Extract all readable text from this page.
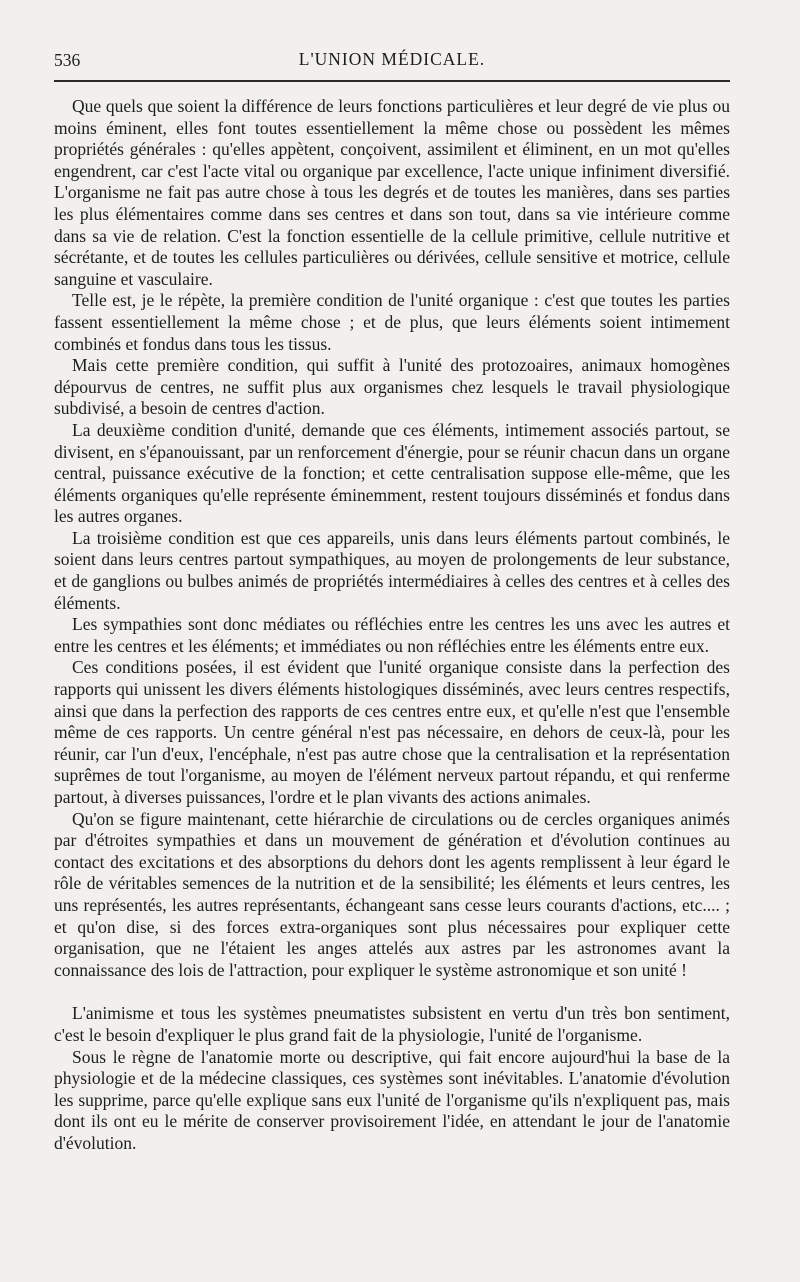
536	L'UNION MÉDICALE.

Que quels que soient la différence de leurs fonctions particulières et leur degré de vie plus ou moins éminent, elles font toutes essentiellement la même chose ou possèdent les mêmes propriétés générales : qu'elles appètent, conçoivent, assimilent et éliminent, en un mot qu'elles engendrent, car c'est l'acte vital ou organique par excellence, l'acte unique infiniment diversifié. L'organisme ne fait pas autre chose à tous les degrés et de toutes les manières, dans ses parties les plus élémentaires comme dans ses centres et dans son tout, dans sa vie intérieure comme dans sa vie de relation. C'est la fonction essentielle de la cellule primitive, cellule nutritive et sécrétante, et de toutes les cellules particulières ou dérivées, cellule sensitive et motrice, cellule sanguine et vasculaire.

Telle est, je le répète, la première condition de l'unité organique : c'est que toutes les parties fassent essentiellement la même chose ; et de plus, que leurs éléments soient intimement combinés et fondus dans tous les tissus.

Mais cette première condition, qui suffit à l'unité des protozoaires, animaux homogènes dépourvus de centres, ne suffit plus aux organismes chez lesquels le travail physiologique subdivisé, a besoin de centres d'action.

La deuxième condition d'unité, demande que ces éléments, intimement associés partout, se divisent, en s'épanouissant, par un renforcement d'énergie, pour se réunir chacun dans un organe central, puissance exécutive de la fonction; et cette centralisation suppose elle-même, que les éléments organiques qu'elle représente éminemment, restent toujours disséminés et fondus dans les autres organes.

La troisième condition est que ces appareils, unis dans leurs éléments partout combinés, le soient dans leurs centres partout sympathiques, au moyen de prolongements de leur substance, et de ganglions ou bulbes animés de propriétés intermédiaires à celles des centres et à celles des éléments.

Les sympathies sont donc médiates ou réfléchies entre les centres les uns avec les autres et entre les centres et les éléments; et immédiates ou non réfléchies entre les éléments entre eux.

Ces conditions posées, il est évident que l'unité organique consiste dans la perfection des rapports qui unissent les divers éléments histologiques disséminés, avec leurs centres respectifs, ainsi que dans la perfection des rapports de ces centres entre eux, et qu'elle n'est que l'ensemble même de ces rapports. Un centre général n'est pas nécessaire, en dehors de ceux-là, pour les réunir, car l'un d'eux, l'encéphale, n'est pas autre chose que la centralisation et la représentation suprêmes de tout l'organisme, au moyen de l'élément nerveux partout répandu, et qui renferme partout, à diverses puissances, l'ordre et le plan vivants des actions animales.

Qu'on se figure maintenant, cette hiérarchie de circulations ou de cercles organiques animés par d'étroites sympathies et dans un mouvement de génération et d'évolution continues au contact des excitations et des absorptions du dehors dont les agents remplissent à leur égard le rôle de véritables semences de la nutrition et de la sensibilité; les éléments et leurs centres, les uns représentés, les autres représentants, échangeant sans cesse leurs courants d'actions, etc.... ; et qu'on dise, si des forces extra-organiques sont plus nécessaires pour expliquer cette organisation, que ne l'étaient les anges attelés aux astres par les astronomes avant la connaissance des lois de l'attraction, pour expliquer le système astronomique et son unité !

L'animisme et tous les systèmes pneumatistes subsistent en vertu d'un très bon sentiment, c'est le besoin d'expliquer le plus grand fait de la physiologie, l'unité de l'organisme.

Sous le règne de l'anatomie morte ou descriptive, qui fait encore aujourd'hui la base de la physiologie et de la médecine classiques, ces systèmes sont inévitables. L'anatomie d'évolution les supprime, parce qu'elle explique sans eux l'unité de l'organisme qu'ils n'expliquent pas, mais dont ils ont eu le mérite de conserver provisoirement l'idée, en attendant le jour de l'anatomie d'évolution.
